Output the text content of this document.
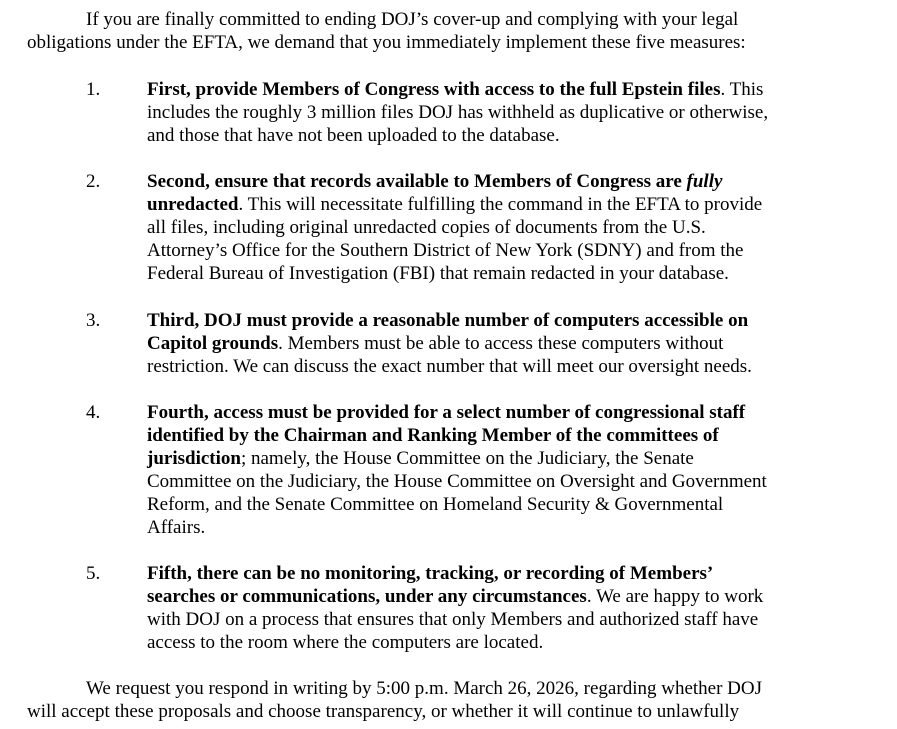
If you are finally committed to ending DOJ’s cover-up and complying with your legal
obligations under the EFTA, we demand that you immediately implement these five measures:
1. First, provide Members of Congress with access to the full Epstein files. This
includes the roughly 3 million files DOJ has withheld as duplicative or otherwise,
and those that have not been uploaded to the database.
2. Second, ensure that records available to Members of Congress are fully
unredacted. This will necessitate fulfilling the command in the EFTA to provide
all files, including original unredacted copies of documents from the U.S.
Attorney’s Office for the Southern District of New York (SDNY) and from the
Federal Bureau of Investigation (FBI) that remain redacted in your database.
3. Third, DOJ must provide a reasonable number of computers accessible on
Capitol grounds. Members must be able to access these computers without
restriction. We can discuss the exact number that will meet our oversight needs.
4. Fourth, access must be provided for a select number of congressional staff
identified by the Chairman and Ranking Member of the committees of
jurisdiction; namely, the House Committee on the Judiciary, the Senate
Committee on the Judiciary, the House Committee on Oversight and Government
Reform, and the Senate Committee on Homeland Security & Governmental
Affairs.
5. Fifth, there can be no monitoring, tracking, or recording of Members’
searches or communications, under any circumstances. We are happy to work
with DOJ on a process that ensures that only Members and authorized staff have
access to the room where the computers are located.
We request you respond in writing by 5:00 p.m. March 26, 2026, regarding whether DOJ
will accept these proposals and choose transparency, or whether it will continue to unlawfully
